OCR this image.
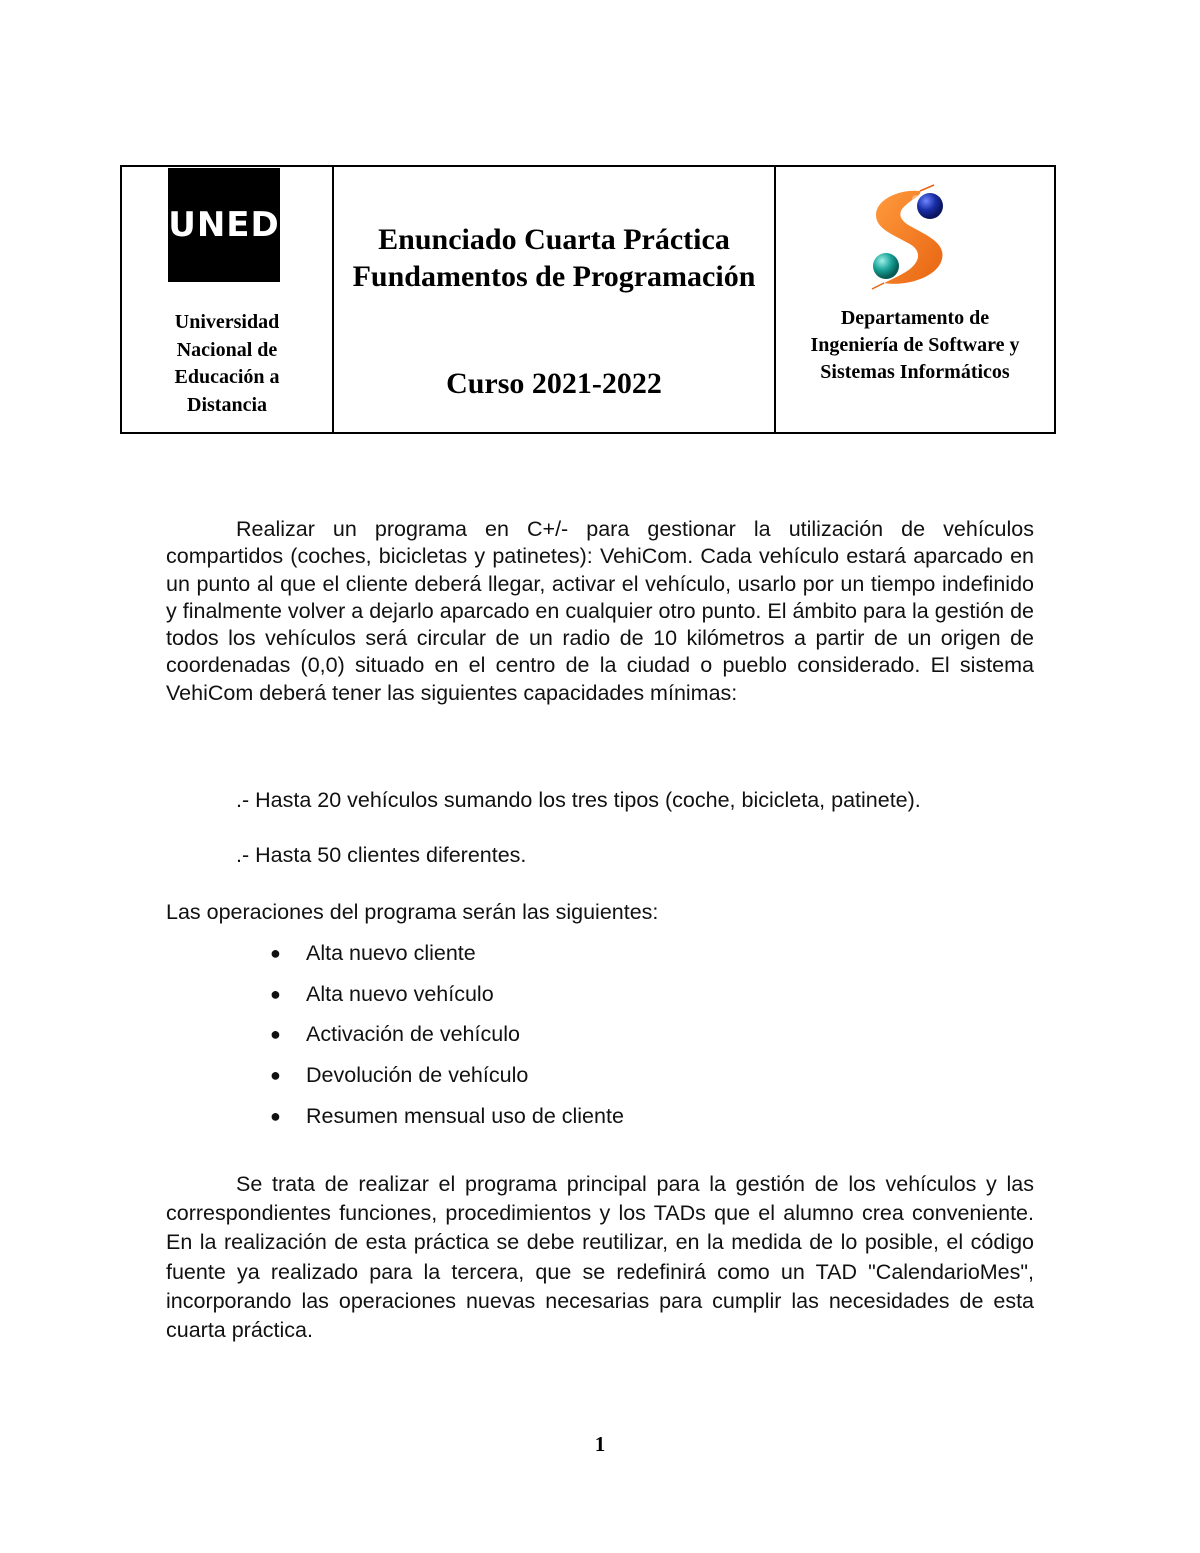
UNED
Universidad
Nacional de
Educación a
Distancia
Enunciado Cuarta Práctica
Fundamentos de Programación
Curso 2021-2022
Departamento de
Ingeniería de Software y
Sistemas Informáticos

Realizar un programa en C+/- para gestionar la utilización de vehículos compartidos (coches, bicicletas y patinetes): VehiCom. Cada vehículo estará aparcado en un punto al que el cliente deberá llegar, activar el vehículo, usarlo por un tiempo indefinido y finalmente volver a dejarlo aparcado en cualquier otro punto. El ámbito para la gestión de todos los vehículos será circular de un radio de 10 kilómetros a partir de un origen de coordenadas (0,0) situado en el centro de la ciudad o pueblo considerado. El sistema VehiCom deberá tener las siguientes capacidades mínimas:

.- Hasta 20 vehículos sumando los tres tipos (coche, bicicleta, patinete).
.- Hasta 50 clientes diferentes.
Las operaciones del programa serán las siguientes:
● Alta nuevo cliente
● Alta nuevo vehículo
● Activación de vehículo
● Devolución de vehículo
● Resumen mensual uso de cliente

Se trata de realizar el programa principal para la gestión de los vehículos y las correspondientes funciones, procedimientos y los TADs que el alumno crea conveniente. En la realización de esta práctica se debe reutilizar, en la medida de lo posible, el código fuente ya realizado para la tercera, que se redefinirá como un TAD "CalendarioMes", incorporando las operaciones nuevas necesarias para cumplir las necesidades de esta cuarta práctica.

1
